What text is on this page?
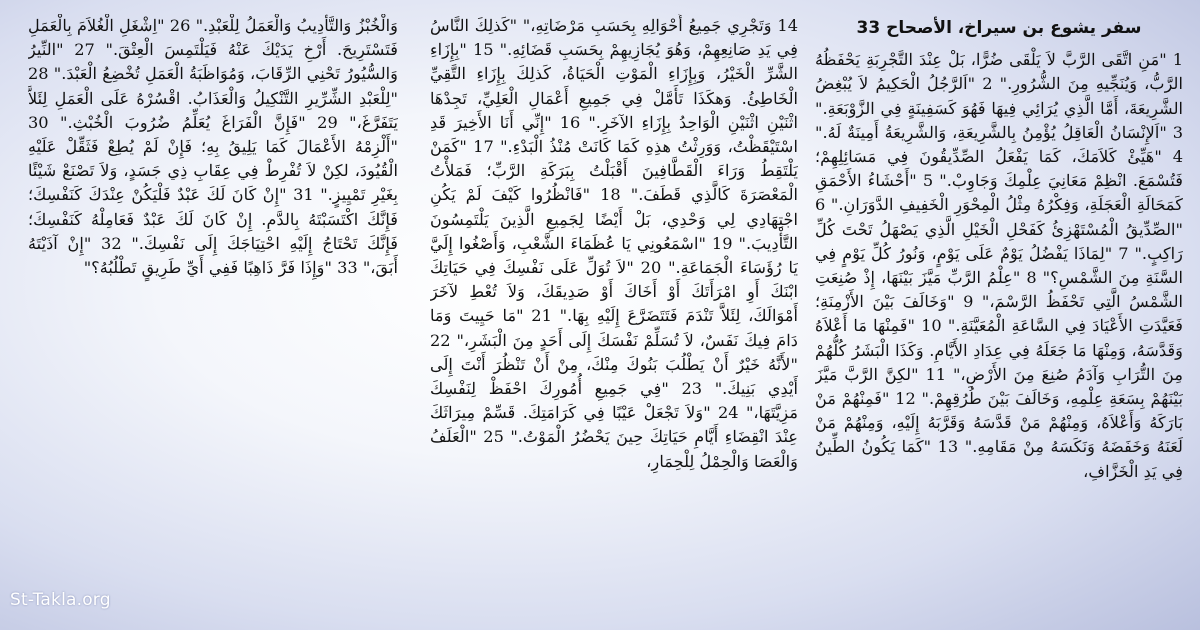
سفر يشوع بن سيراخ، الأصحاح 33
1 "مَنِ اتَّقَى الرَّبَّ لاَ يَلْقَى ضُرًّا، بَلْ عِنْدَ التَّجْرِبَةِ يَحْفَظُهُ الرَّبُّ، وَيُنَجِّيهِ مِنَ الشُّرُورِ." 2 "اَلرَّجُلُ الْحَكِيمُ لاَ يُبْغِضُ الشَّرِيعَةَ، أَمَّا الَّذِي يُرَائِي فِيهَا فَهُوَ كَسَفِينَةٍ فِي الزَّوْبَعَةِ." 3 "اَلإِنْسَانُ الْعَاقِلُ يُؤْمِنُ بِالشَّرِيعَةِ، وَالشَّرِيعَةُ أَمِينَةٌ لَهُ." 4 "هَيِّئْ كَلاَمَكَ، كَمَا يَفْعَلُ الصِّدِّيقُونَ فِي مَسَائِلِهِمْ؛ فَتُسْمَعَ. انْظِمْ مَعَانِيَ عِلْمِكَ وَجَاوِبْ." 5 "أَحْشَاءُ الأَحْمَقِ كَمَحَالَةِ الْعَجَلَةِ، وَفِكْرُهُ مِثْلُ الْمِحْوَرِ الْخَفِيفِ الدَّوَرَانِ." 6 "الصِّدِّيقُ الْمُسْتَهْزِئُ كَفَحْلِ الْخَيْلِ الَّذِي يَصْهَلُ تَحْتَ كُلِّ رَاكِبٍ." 7 "لِمَاذَا يَفْضُلُ يَوْمٌ عَلَى يَوْمٍ، وَنُورُ كُلِّ يَوْمٍ فِي السَّنَةِ مِنَ الشَّمْسِ؟" 8 "عِلْمُ الرَّبِّ مَيَّزَ بَيْنَهَا، إِذْ صُنِعَتِ الشَّمْسُ الَّتِي تَحْفَظُ الرَّسْمَ،" 9 "وَخَالَفَ بَيْنَ الأَزْمِنَةِ؛ فَعَيَّدَتِ الأَعْيَادَ فِي السَّاعَةِ الْمُعَيَّنَةِ." 10 "فَمِنْهَا مَا أَعْلاَهُ وَقَدَّسَهُ، وَمِنْهَا مَا جَعَلَهُ فِي عِدَادِ الأَيَّامِ. وَكَذَا الْبَشَرُ كُلُّهُمْ مِنَ التُّرَابِ وَآدَمُ صُنِعَ مِنَ الأَرْضِ،" 11 "لكِنَّ الرَّبَّ مَيَّزَ بَيْنَهُمْ بِسَعَةِ عِلْمِهِ، وَخَالَفَ بَيْنَ طُرُقِهِمْ." 12 "فَمِنْهُمْ مَنْ بَارَكَهُ وَأَعْلاَهُ، وَمِنْهُمْ مَنْ قَدَّسَهُ وَقَرَّبَهُ إِلَيْهِ، وَمِنْهُمْ مَنْ لَعَنَهُ وَخَفَضَهُ وَنَكَسَهُ مِنْ مَقَامِهِ." 13 "كَمَا يَكُونُ الطِّينُ فِي يَدِ الْخَزَّافِ،
14 وَتَجْرِي جَمِيعُ أَحْوَالِهِ بِحَسَبِ مَرْضَاتِهِ،" "كَذلِكَ النَّاسُ فِي يَدِ صَانِعِهِمْ، وَهُوَ يُجَازِيهِمْ بِحَسَبِ قَضَائِهِ." 15 "بِإِزَاءِ الشَّرِّ الْخَيْرُ، وَبِإِزَاءِ الْمَوْتِ الْحَيَاةُ، كَذلِكَ بِإِزَاءِ التَّقِيِّ الْخَاطِئُ. وَهكَذَا تَأَمَّلْ فِي جَمِيعِ أَعْمَالِ الْعَلِيِّ، تَجِدْهَا اثْنَيْنِ اثْنَيْنِ الْوَاحِدُ بِإِزَاءِ الآخَرِ." 16 "إِنِّي أَنَا الأَخِيرَ قَدِ اسْتَيْقَظْتُ، وَوَرِثْتُ هذِهِ كَمَا كَانَتْ مُنْذُ الْبَدْءِ." 17 "كَمَنْ يَلْتَقِطُ وَرَاءَ الْقَطَّافِينَ أَقْبَلْتُ بِبَرَكَةِ الرَّبِّ؛ فَمَلأْتُ الْمَعْصَرَةَ كَالَّذِي قَطَفَ." 18 "فَانْظُرُوا كَيْفَ لَمْ يَكُنِ اجْتِهَادِي لِي وَحْدِي، بَلْ أَيْضًا لِجَمِيعِ الَّذِينَ يَلْتَمِسُونَ التَّأْدِيبَ." 19 "اسْمَعُونِي يَا عُظَمَاءَ الشَّعْبِ، وَأَصْغُوا إِلَيَّ يَا رُؤَسَاءَ الْجَمَاعَةِ." 20 "لاَ تُوَلِّ عَلَى نَفْسِكَ فِي حَيَاتِكَ ابْنَكَ أَوِ امْرَأَتَكَ أَوْ أَخَاكَ أَوْ صَدِيقَكَ، وَلاَ تُعْطِ لآخَرَ أَمْوَالَكَ، لِئَلاَّ تَنْدَمَ فَتَتَضَرَّعَ إِلَيْهِ بِهَا." 21 "مَا حَيِيتَ وَمَا دَامَ فِيكَ نَفَسٌ، لاَ تُسَلِّمْ نَفْسَكَ إِلَى أَحَدٍ مِنَ الْبَشَرِ،" 22 "لأَنَّهُ خَيْرٌ أَنْ يَطْلُبَ بَنُوكَ مِنْكَ، مِنْ أَنْ تَنْظُرَ أَنْتَ إِلَى أَيْدِي بَنِيكَ." 23 "فِي جَمِيعِ أُمُورِكَ احْفَظْ لِنَفْسِكَ مَزِيَّتَهَا،" 24 "وَلاَ تَجْعَلْ عَيْبًا فِي كَرَامَتِكَ. قَسِّمْ مِيرَاثَكَ عِنْدَ انْقِضَاءِ أَيَّامِ حَيَاتِكَ حِينَ يَحْضُرُ الْمَوْتُ." 25 "الْعَلَفُ وَالْعَصَا وَالْحِمْلُ لِلْحِمَارِ،
وَالْخُبْزُ وَالتَّأْدِيبُ وَالْعَمَلُ لِلْعَبْدِ." 26 "اِشْغَلِ الْغُلاَمَ بِالْعَمَلِ فَتَسْتَرِيحَ. أَرْخِ يَدَيْكَ عَنْهُ فَيَلْتَمِسَ الْعِتْقَ." 27 "النِّيرُ وَالسُّيُورُ تَحْنِي الرِّقَابَ، وَمُوَاظَبَةُ الْعَمَلِ تُخْضِعُ الْعَبْدَ." 28 "لِلْعَبْدِ الشِّرِّيرِ التَّنْكِيلُ وَالْعَذَابُ. اقْسُرْهُ عَلَى الْعَمَلِ لِئَلاَّ يَتَفَرَّغَ،" 29 "فَإِنَّ الْفَرَاغَ يُعَلِّمُ ضُرُوبَ الْخُبْثِ." 30 "أَلْزِمْهُ الأَعْمَالَ كَمَا يَلِيقُ بِهِ؛ فَإِنْ لَمْ يُطِعْ فَثَقِّلْ عَلَيْهِ الْقُيُودَ، لكِنْ لاَ تُفْرِطْ فِي عِقَابِ ذِي جَسَدٍ، وَلاَ تَصْنَعْ شَيْئًا بِغَيْرِ تَمْيِيزٍ." 31 "إِنْ كَانَ لَكَ عَبْدٌ فَلْيَكُنْ عِنْدَكَ كَنَفْسِكَ؛ فَإِنَّكَ اكْتَسَبْتَهُ بِالدَّمِ. إِنْ كَانَ لَكَ عَبْدٌ فَعَامِلْهُ كَنَفْسِكَ؛ فَإِنَّكَ تَحْتَاجُ إِلَيْهِ احْتِيَاجَكَ إِلَى نَفْسِكَ." 32 "إِنْ آذَيْتَهُ أَبَقَ،" 33 "وَإِذَا فَرَّ ذَاهِبًا فَفِي أَيِّ طَرِيقٍ تَطْلُبُهُ؟"
St-Takla.org
